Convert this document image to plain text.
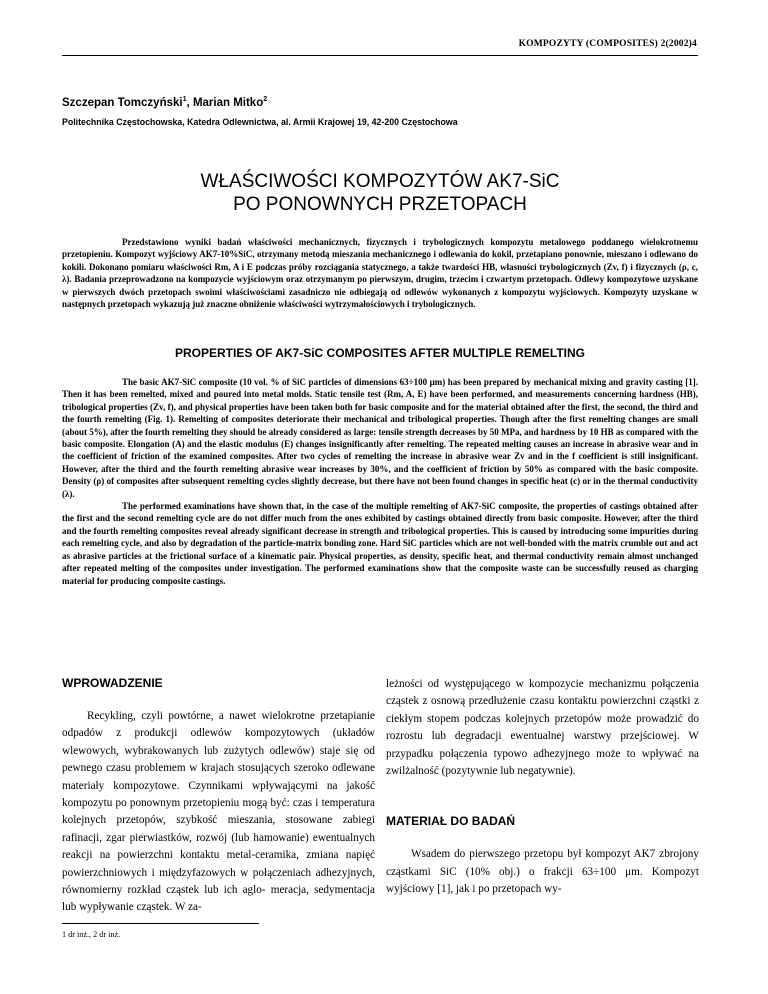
KOMPOZYTY (COMPOSITES) 2(2002)4
Szczepan Tomczyński$^1$, Marian Mitko$^2$
Politechnika Częstochowska, Katedra Odlewnictwa, al. Armii Krajowej 19, 42-200 Częstochowa
WŁAŚCIWOŚCI KOMPOZYTÓW AK7-SiC
PO PONOWNYCH PRZETOPACH

Przedstawiono wyniki badań właściwości mechanicznych, fizycznych i trybologicznych kompozytu metalowego poddanego wielokrotnemu przetopieniu. Kompozyt wyjściowy AK7-10%SiC, otrzymany metodą mieszania mechanicznego i odlewania do kokil, przetapiano ponownie, mieszano i odlewano do kokili. Dokonano pomiaru właściwości Rm, A i E podczas próby rozciągania statycznego, a także twardości HB, własności trybologicznych (Zv, f) i fizycznych (ρ, c, λ). Badania przeprowadzono na kompozycie wyjściowym oraz otrzymanym po pierwszym, drugim, trzecim i czwartym przetopach. Odlewy kompozytowe uzyskane w pierwszych dwóch przetopach swoimi właściwościami zasadniczo nie odbiegają od odlewów wykonanych z kompozytu wyjściowych. Kompozyty uzyskane w następnych przetopach wykazują już znaczne obniżenie właściwości wytrzymałościowych i trybologicznych.

PROPERTIES OF AK7-SiC COMPOSITES AFTER MULTIPLE REMELTING

The basic AK7-SiC composite (10 vol. % of SiC particles of dimensions 63÷100 μm) has been prepared by mechanical mixing and gravity casting [1]. Then it has been remelted, mixed and poured into metal molds. Static tensile test (Rm, A, E) have been performed, and measurements concerning hardness (HB), tribological properties (Zv, f), and physical properties have been taken both for basic composite and for the material obtained after the first, the second, the third and the fourth remelting (Fig. 1). Remelting of composites deteriorate their mechanical and tribological properties. Though after the first remelting changes are small (about 5%), after the fourth remelting they should be already considered as large: tensile strength decreases by 50 MPa, and hardness by 10 HB as compared with the basic composite. Elongation (A) and the elastic modulus (E) changes insignificantly after remelting. The repeated melting causes an increase in abrasive wear and in the coefficient of friction of the examined composites. After two cycles of remelting the increase in abrasive wear Zv and in the f coefficient is still insignificant. However, after the third and the fourth remelting abrasive wear increases by 30%, and the coefficient of friction by 50% as compared with the basic composite. Density (ρ) of composites after subsequent remelting cycles slightly decrease, but there have not been found changes in specific heat (c) or in the thermal conductivity (λ).

The performed examinations have shown that, in the case of the multiple remelting of AK7-SiC composite, the properties of castings obtained after the first and the second remelting cycle are do not differ much from the ones exhibited by castings obtained directly from basic composite. However, after the third and the fourth remelting composites reveal already significant decrease in strength and tribological properties. This is caused by introducing some impurities during each remelting cycle, and also by degradation of the particle-matrix bonding zone. Hard SiC particles which are not well-bonded with the matrix crumble out and act as abrasive particles at the frictional surface of a kinematic pair. Physical properties, as density, specific heat, and thermal conductivity remain almost unchanged after repeated melting of the composites under investigation. The performed examinations show that the composite waste can be successfully reused as charging material for producing composite castings.

WPROWADZENIE

Recykling, czyli powtórne, a nawet wielokrotne przetapianie odpadów z produkcji odlewów kompozytowych (układów wlewowych, wybrakowanych lub zużytych odlewów) staje się od pewnego czasu problemem w krajach stosujących szeroko odlewane materiały kompozytowe. Czynnikami wpływającymi na jakość kompozytu po ponownym przetopieniu mogą być: czas i temperatura kolejnych przetopów, szybkość mieszania, stosowane zabiegi rafinacji, zgar pierwiastków, rozwój (lub hamowanie) ewentualnych reakcji na powierzchni kontaktu metal-ceramika, zmiana napięć powierzchniowych i międzyfazowych w połączeniach adhezyjnych, równomierny rozkład cząstek lub ich aglo- meracja, sedymentacja lub wypływanie cząstek. W za-

leżności od występującego w kompozycie mechanizmu połączenia cząstek z osnową przedłużenie czasu kontaktu powierzchni cząstki z ciekłym stopem podczas kolejnych przetopów może prowadzić do rozrostu lub degradacji ewentualnej warstwy przejściowej. W przypadku połączenia typowo adhezyjnego może to wpływać na zwilżalność (pozytywnie lub negatywnie).

MATERIAŁ DO BADAŃ

Wsadem do pierwszego przetopu był kompozyt AK7 zbrojony cząstkami SiC (10% obj.) o frakcji 63÷100 μm. Kompozyt wyjściowy [1], jak i po przetopach wy-

1 dr inż., 2 dr inż.
